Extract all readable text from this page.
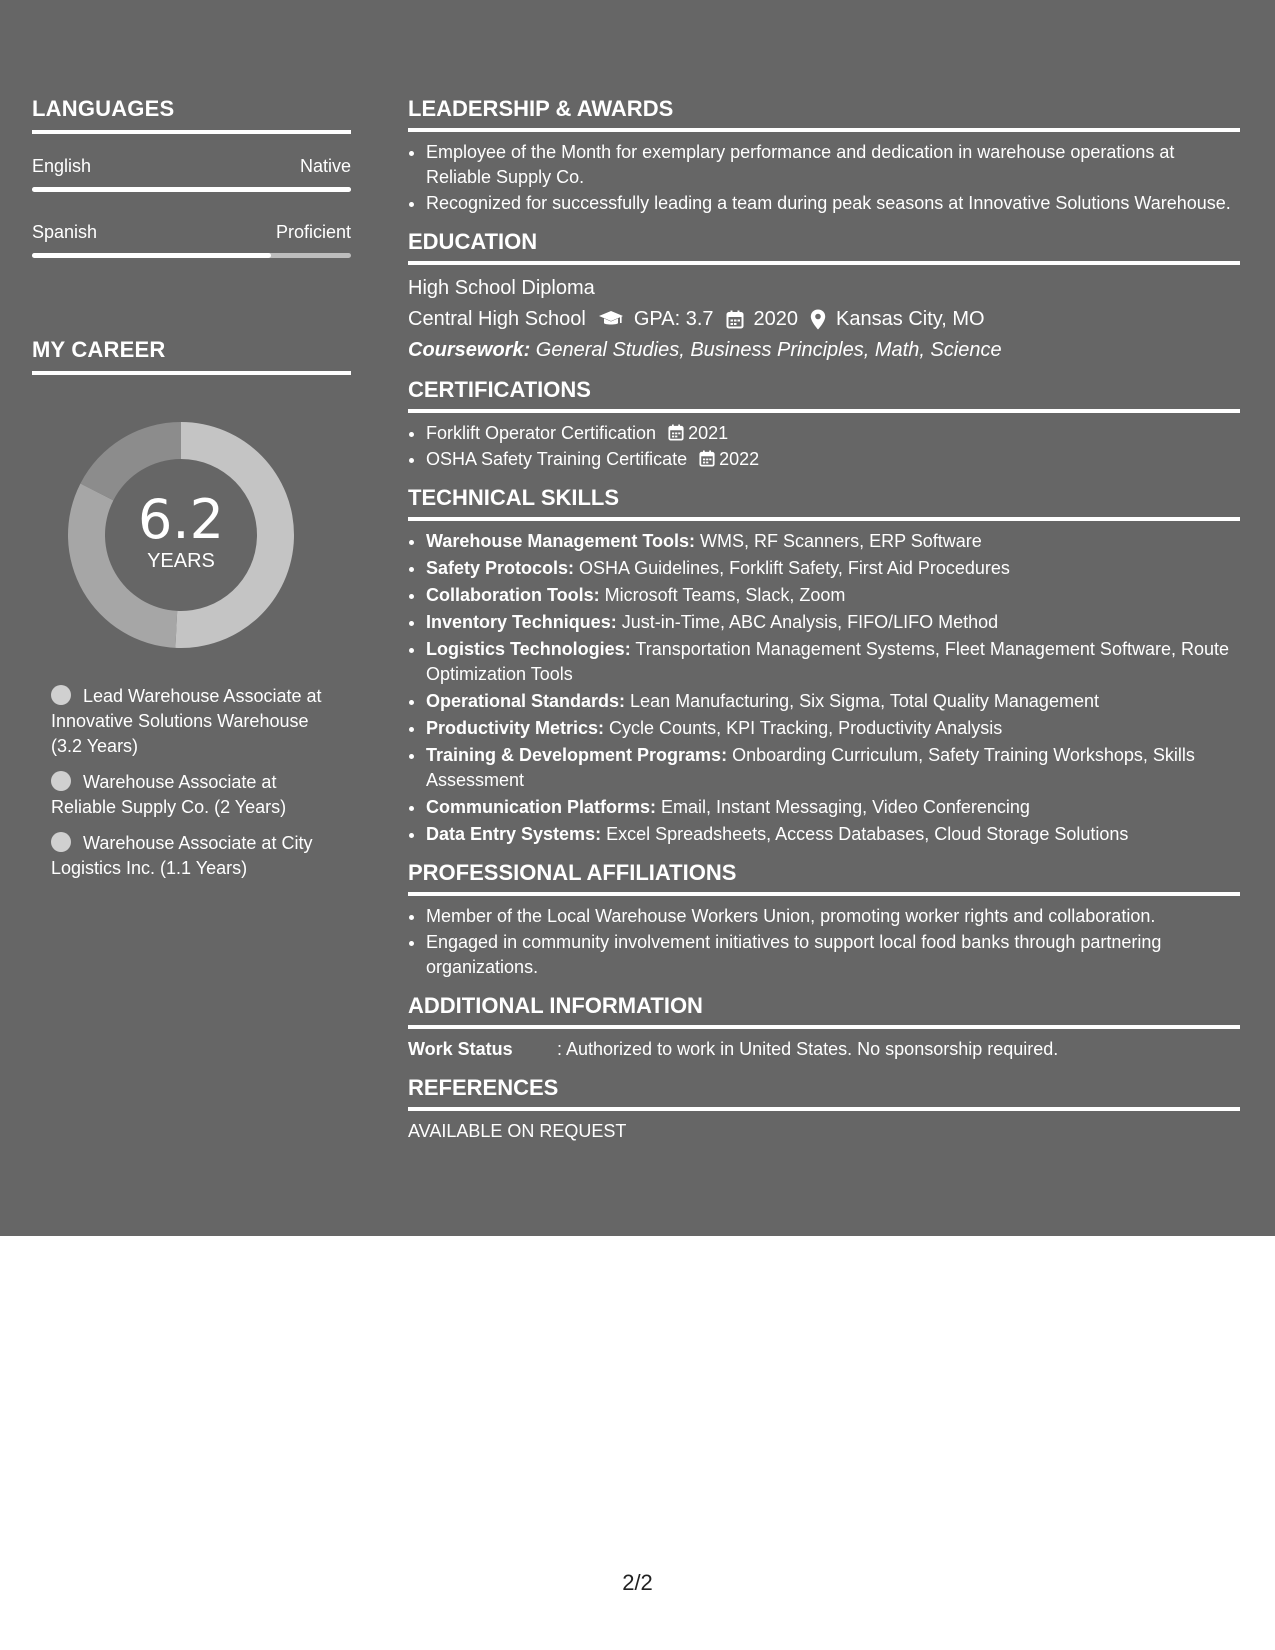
LANGUAGES
English	Native
Spanish	Proficient
MY CAREER
6.2
YEARS
Lead Warehouse Associate at Innovative Solutions Warehouse (3.2 Years)
Warehouse Associate at Reliable Supply Co. (2 Years)
Warehouse Associate at City Logistics Inc. (1.1 Years)
LEADERSHIP & AWARDS
• Employee of the Month for exemplary performance and dedication in warehouse operations at Reliable Supply Co.
• Recognized for successfully leading a team during peak seasons at Innovative Solutions Warehouse.
EDUCATION
High School Diploma
Central High School GPA: 3.7 2020 Kansas City, MO
Coursework: General Studies, Business Principles, Math, Science
CERTIFICATIONS
• Forklift Operator Certification 2021
• OSHA Safety Training Certificate 2022
TECHNICAL SKILLS
• Warehouse Management Tools: WMS, RF Scanners, ERP Software
• Safety Protocols: OSHA Guidelines, Forklift Safety, First Aid Procedures
• Collaboration Tools: Microsoft Teams, Slack, Zoom
• Inventory Techniques: Just-in-Time, ABC Analysis, FIFO/LIFO Method
• Logistics Technologies: Transportation Management Systems, Fleet Management Software, Route Optimization Tools
• Operational Standards: Lean Manufacturing, Six Sigma, Total Quality Management
• Productivity Metrics: Cycle Counts, KPI Tracking, Productivity Analysis
• Training & Development Programs: Onboarding Curriculum, Safety Training Workshops, Skills Assessment
• Communication Platforms: Email, Instant Messaging, Video Conferencing
• Data Entry Systems: Excel Spreadsheets, Access Databases, Cloud Storage Solutions
PROFESSIONAL AFFILIATIONS
• Member of the Local Warehouse Workers Union, promoting worker rights and collaboration.
• Engaged in community involvement initiatives to support local food banks through partnering organizations.
ADDITIONAL INFORMATION
Work Status	: Authorized to work in United States. No sponsorship required.
REFERENCES
AVAILABLE ON REQUEST
2/2
